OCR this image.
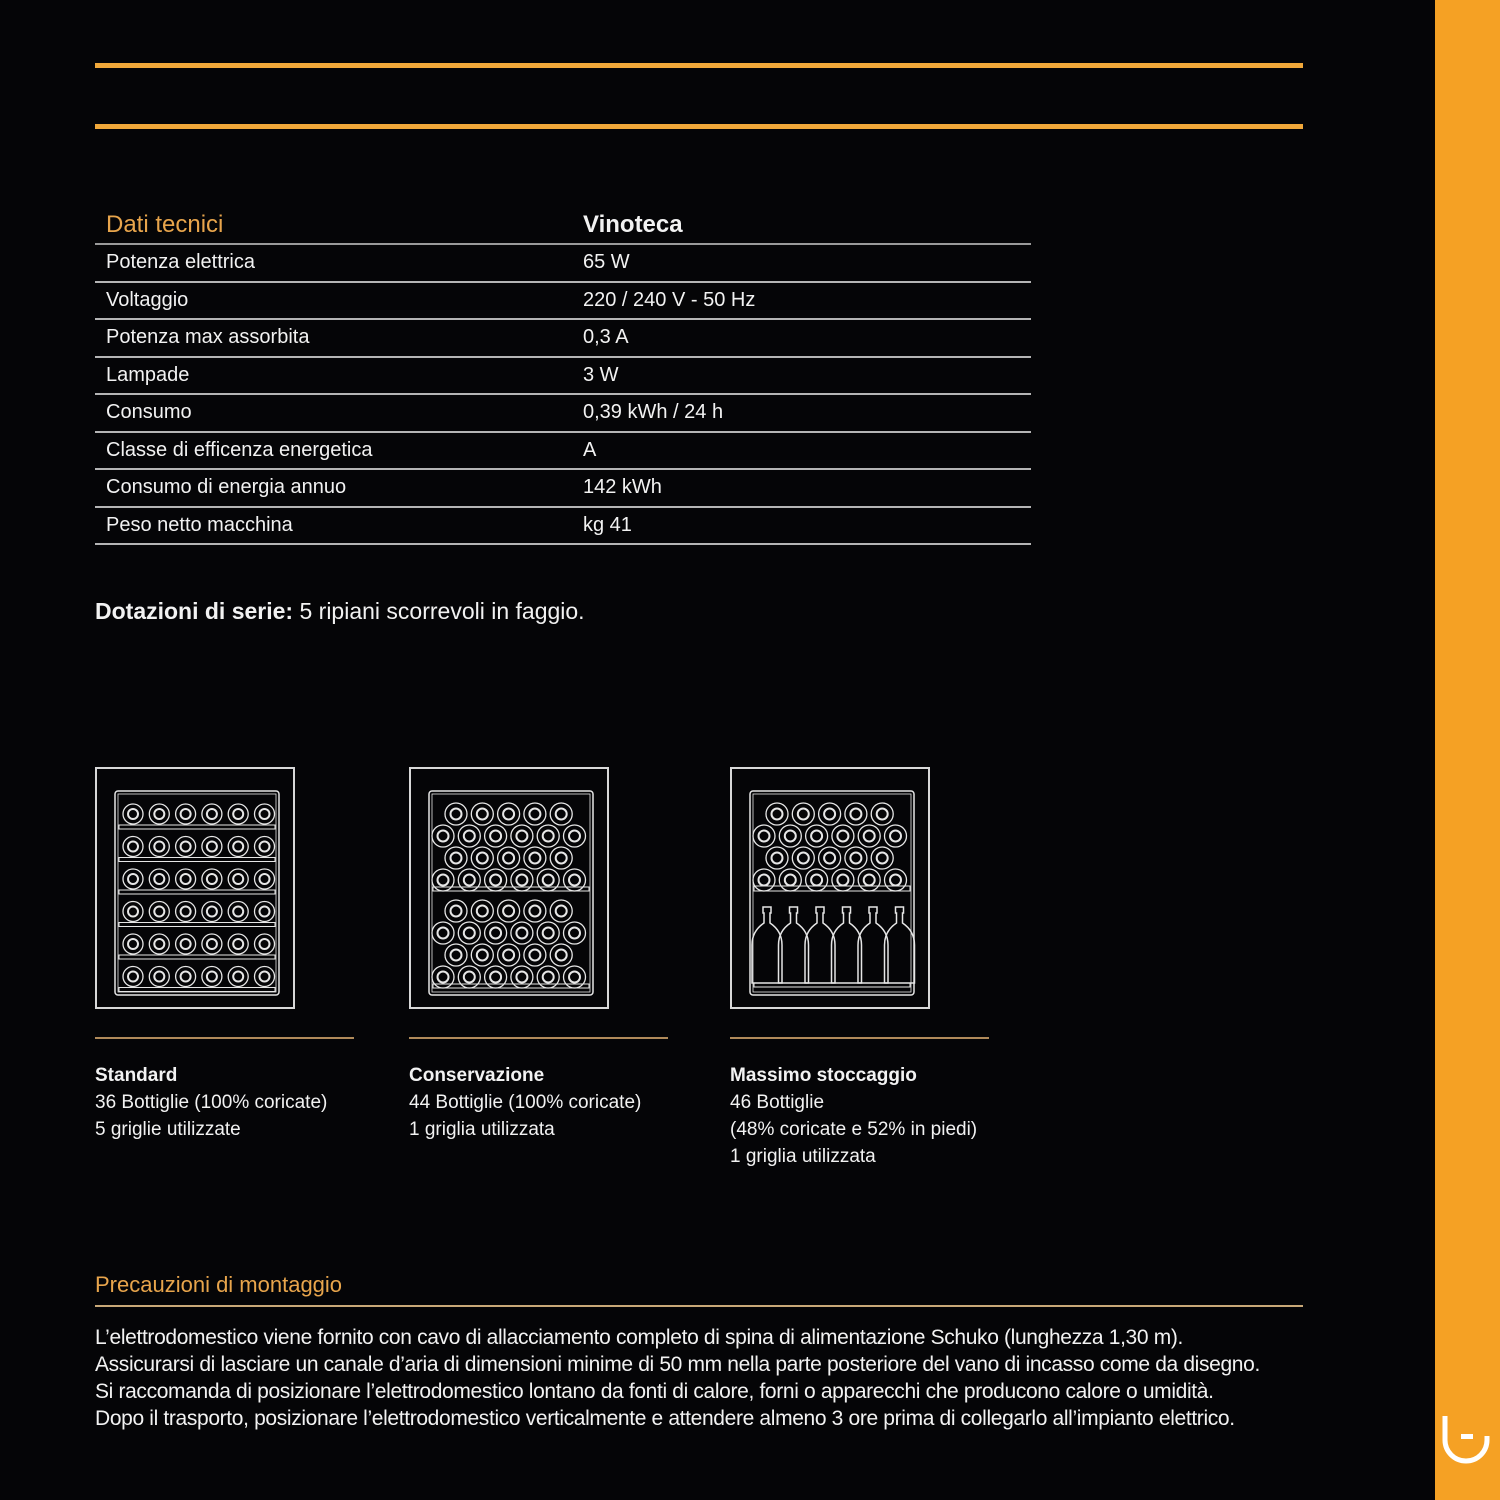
Dati tecnici	Vinoteca
Potenza elettrica	65 W
Voltaggio	220 / 240 V - 50 Hz
Potenza max assorbita	0,3 A
Lampade	3 W
Consumo	0,39 kWh / 24 h
Classe di efficenza energetica	A
Consumo di energia annuo	142 kWh
Peso netto macchina	kg 41
Dotazioni di serie: 5 ripiani scorrevoli in faggio.
Standard
36 Bottiglie (100% coricate)
5 griglie utilizzate
Conservazione
44 Bottiglie (100% coricate)
1 griglia utilizzata
Massimo stoccaggio
46 Bottiglie
(48% coricate e 52% in piedi)
1 griglia utilizzata
Precauzioni di montaggio
L’elettrodomestico viene fornito con cavo di allacciamento completo di spina di alimentazione Schuko (lunghezza 1,30 m).
Assicurarsi di lasciare un canale d’aria di dimensioni minime di 50 mm nella parte posteriore del vano di incasso come da disegno.
Si raccomanda di posizionare l’elettrodomestico lontano da fonti di calore, forni o apparecchi che producono calore o umidità.
Dopo il trasporto, posizionare l’elettrodomestico verticalmente e attendere almeno 3 ore prima di collegarlo all’impianto elettrico.
